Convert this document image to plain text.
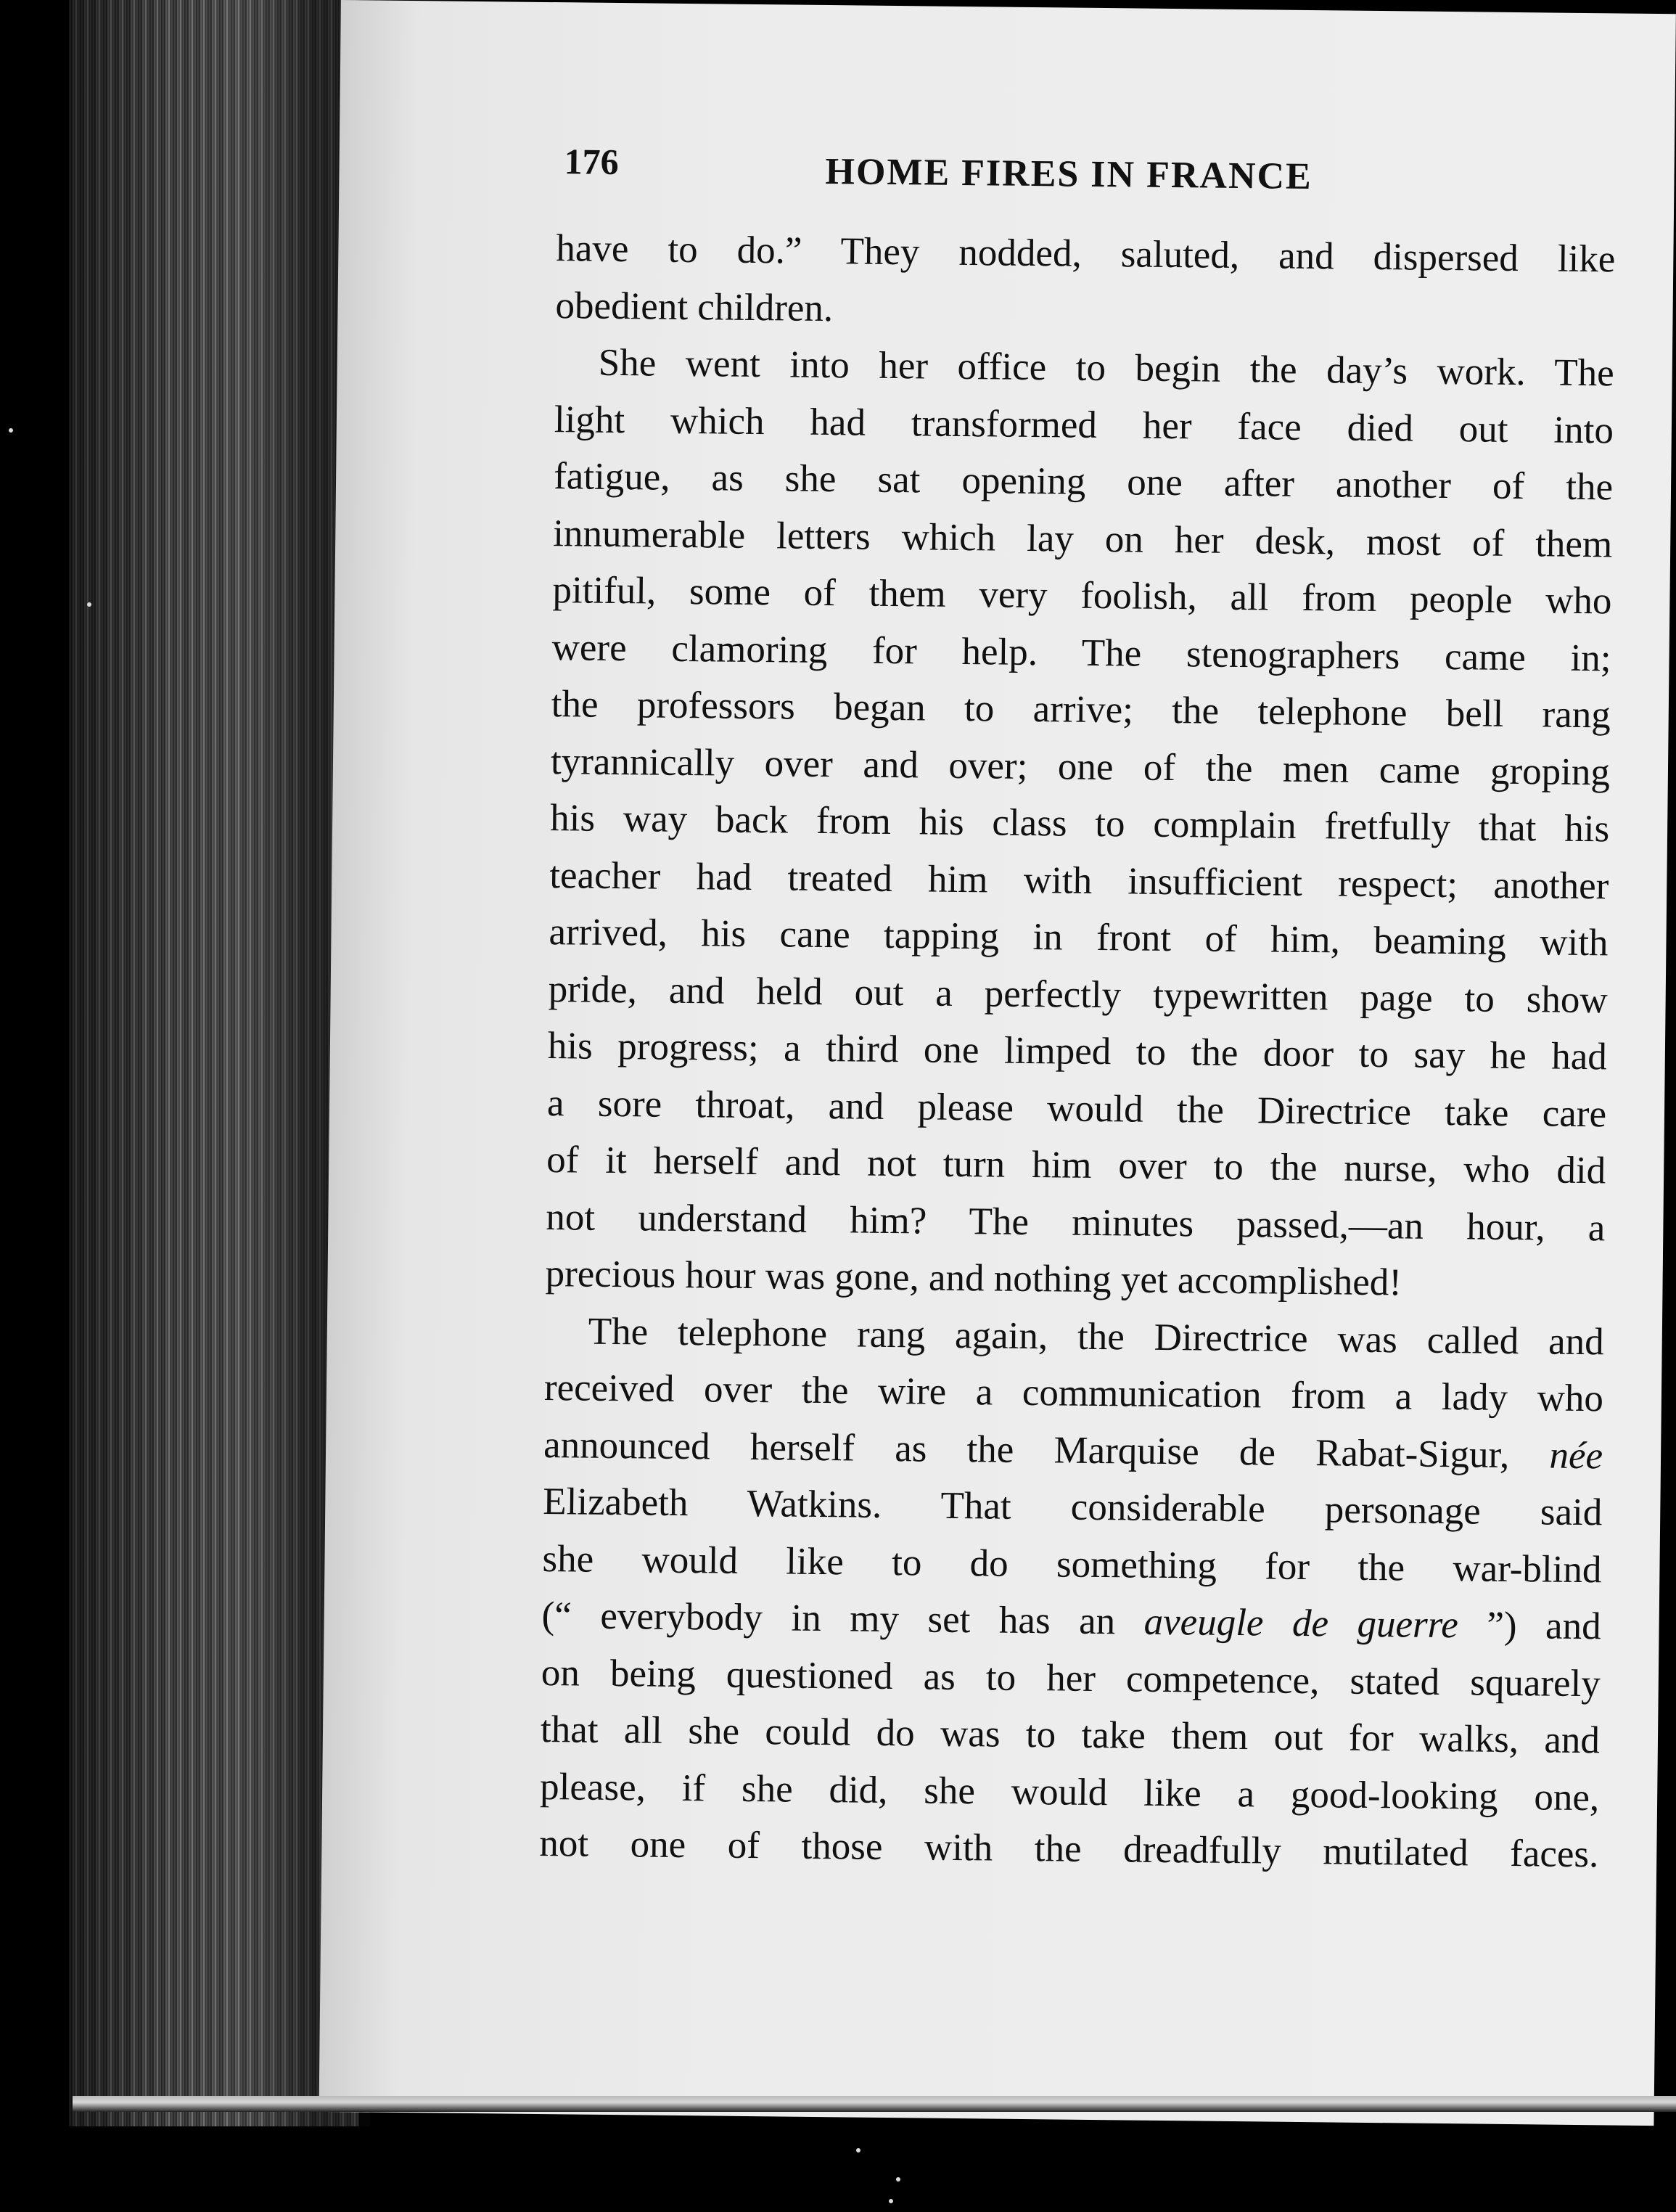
176	HOME FIRES IN FRANCE
have to do.” They nodded, saluted, and dispersed like
obedient children.
She went into her office to begin the day’s work. The
light which had transformed her face died out into
fatigue, as she sat opening one after another of the
innumerable letters which lay on her desk, most of them
pitiful, some of them very foolish, all from people who
were clamoring for help. The stenographers came in;
the professors began to arrive; the telephone bell rang
tyrannically over and over; one of the men came groping
his way back from his class to complain fretfully that his
teacher had treated him with insufficient respect; another
arrived, his cane tapping in front of him, beaming with
pride, and held out a perfectly typewritten page to show
his progress; a third one limped to the door to say he had
a sore throat, and please would the Directrice take care
of it herself and not turn him over to the nurse, who did
not understand him? The minutes passed,—an hour, a
precious hour was gone, and nothing yet accomplished!
The telephone rang again, the Directrice was called and
received over the wire a communication from a lady who
announced herself as the Marquise de Rabat-Sigur, née
Elizabeth Watkins. That considerable personage said
she would like to do something for the war-blind
(“ everybody in my set has an aveugle de guerre ”) and
on being questioned as to her competence, stated squarely
that all she could do was to take them out for walks, and
please, if she did, she would like a good-looking one,
not one of those with the dreadfully mutilated faces.
